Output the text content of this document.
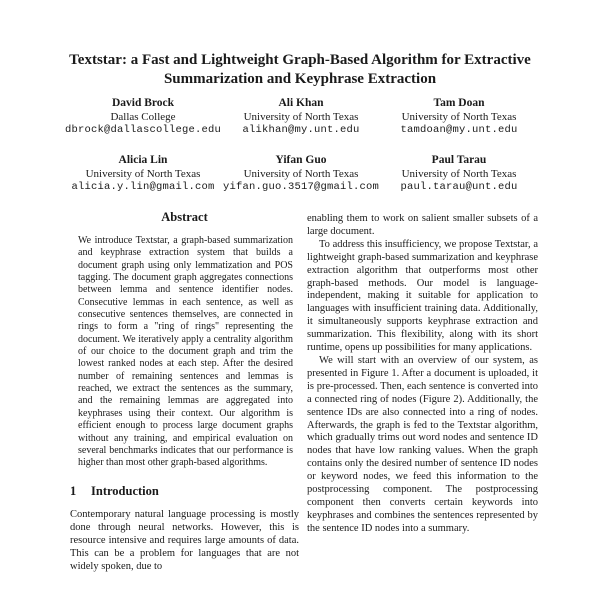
Textstar: a Fast and Lightweight Graph-Based Algorithm for Extractive
Summarization and Keyphrase Extraction
David Brock
Dallas College
dbrock@dallascollege.edu
Ali Khan
University of North Texas
alikhan@my.unt.edu
Tam Doan
University of North Texas
tamdoan@my.unt.edu
Alicia Lin
University of North Texas
alicia.y.lin@gmail.com
Yifan Guo
University of North Texas
yifan.guo.3517@gmail.com
Paul Tarau
University of North Texas
paul.tarau@unt.edu
Abstract
We introduce Textstar, a graph-based summarization and keyphrase extraction system that builds a document graph using only lemmatization and POS tagging. The document graph aggregates connections between lemma and sentence identifier nodes. Consecutive lemmas in each sentence, as well as consecutive sentences themselves, are connected in rings to form a "ring of rings" representing the document. We iteratively apply a centrality algorithm of our choice to the document graph and trim the lowest ranked nodes at each step. After the desired number of remaining sentences and lemmas is reached, we extract the sentences as the summary, and the remaining lemmas are aggregated into keyphrases using their context. Our algorithm is efficient enough to process large document graphs without any training, and empirical evaluation on several benchmarks indicates that our performance is higher than most other graph-based algorithms.
1 Introduction
Contemporary natural language processing is mostly done through neural networks. However, this is resource intensive and requires large amounts of data. This can be a problem for languages that are not widely spoken, due to

enabling them to work on salient smaller subsets of a large document.

To address this insufficiency, we propose Textstar, a lightweight graph-based summarization and keyphrase extraction algorithm that outperforms most other graph-based methods. Our model is language-independent, making it suitable for application to languages with insufficient training data. Additionally, it simultaneously supports keyphrase extraction and summarization. This flexibility, along with its short runtime, opens up possibilities for many applications.

We will start with an overview of our system, as presented in Figure 1. After a document is uploaded, it is pre-processed. Then, each sentence is converted into a connected ring of nodes (Figure 2). Additionally, the sentence IDs are also connected into a ring of nodes. Afterwards, the graph is fed to the Textstar algorithm, which gradually trims out word nodes and sentence ID nodes that have low ranking values. When the graph contains only the desired number of sentence ID nodes or keyword nodes, we feed this information to the postprocessing component. The postprocessing component then converts certain keywords into keyphrases and combines the sentences represented by the sentence ID nodes into a summary.
